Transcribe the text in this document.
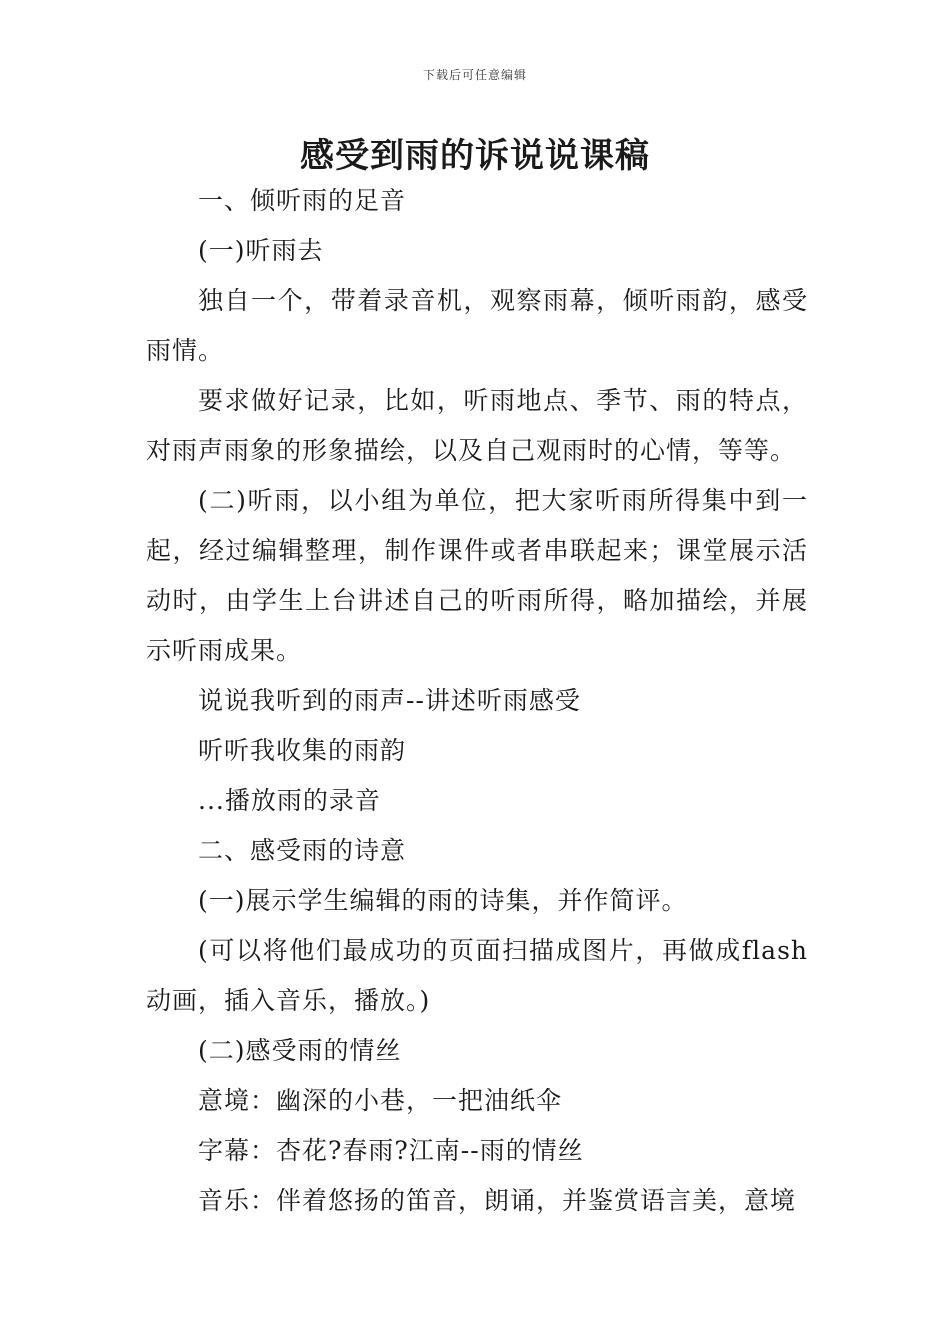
下载后可任意编辑
感受到雨的诉说说课稿

一、倾听雨的足音

(一)听雨去

独自一个，带着录音机，观察雨幕，倾听雨韵，感受雨情。

要求做好记录，比如，听雨地点、季节、雨的特点，对雨声雨象的形象描绘，以及自己观雨时的心情，等等。

(二)听雨，以小组为单位，把大家听雨所得集中到一起，经过编辑整理，制作课件或者串联起来；课堂展示活动时，由学生上台讲述自己的听雨所得，略加描绘，并展示听雨成果。

说说我听到的雨声--讲述听雨感受

听听我收集的雨韵

...播放雨的录音

二、感受雨的诗意

(一)展示学生编辑的雨的诗集，并作简评。

(可以将他们最成功的页面扫描成图片，再做成flash动画，插入音乐，播放。)

(二)感受雨的情丝

意境：幽深的小巷，一把油纸伞

字幕：杏花?春雨?江南--雨的情丝

音乐：伴着悠扬的笛音，朗诵，并鉴赏语言美，意境
